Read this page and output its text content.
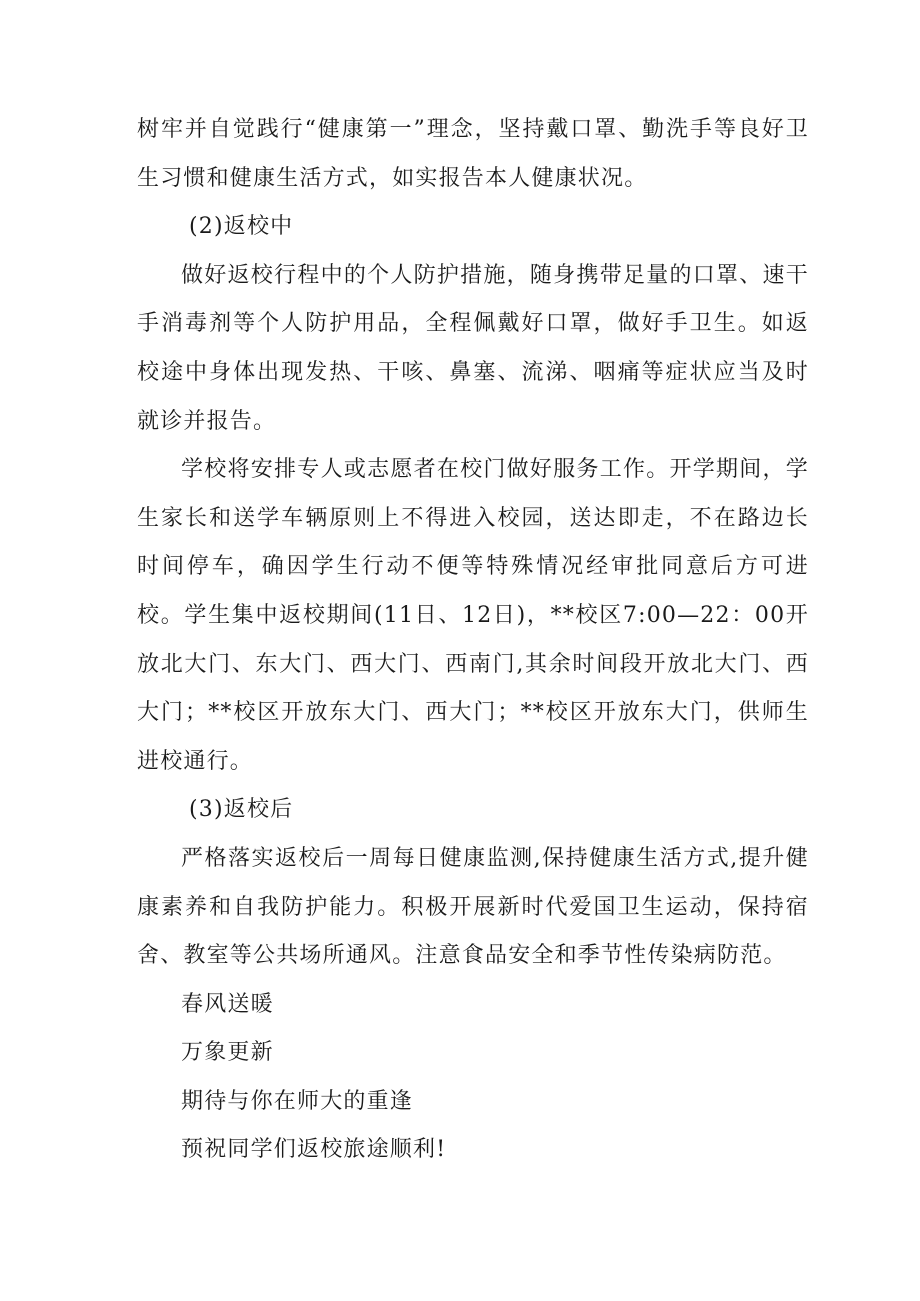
树牢并自觉践行“健康第一”理念，坚持戴口罩、勤洗手等良好卫生习惯和健康生活方式，如实报告本人健康状况。

(2)返校中

做好返校行程中的个人防护措施，随身携带足量的口罩、速干手消毒剂等个人防护用品，全程佩戴好口罩，做好手卫生。如返校途中身体出现发热、干咳、鼻塞、流涕、咽痛等症状应当及时就诊并报告。

学校将安排专人或志愿者在校门做好服务工作。开学期间，学生家长和送学车辆原则上不得进入校园，送达即走，不在路边长时间停车，确因学生行动不便等特殊情况经审批同意后方可进校。学生集中返校期间(11日、12日)，**校区7:00—22：00开放北大门、东大门、西大门、西南门,其余时间段开放北大门、西大门；**校区开放东大门、西大门；**校区开放东大门，供师生进校通行。

(3)返校后

严格落实返校后一周每日健康监测,保持健康生活方式,提升健康素养和自我防护能力。积极开展新时代爱国卫生运动，保持宿舍、教室等公共场所通风。注意食品安全和季节性传染病防范。

春风送暖

万象更新

期待与你在师大的重逢

预祝同学们返校旅途顺利!
